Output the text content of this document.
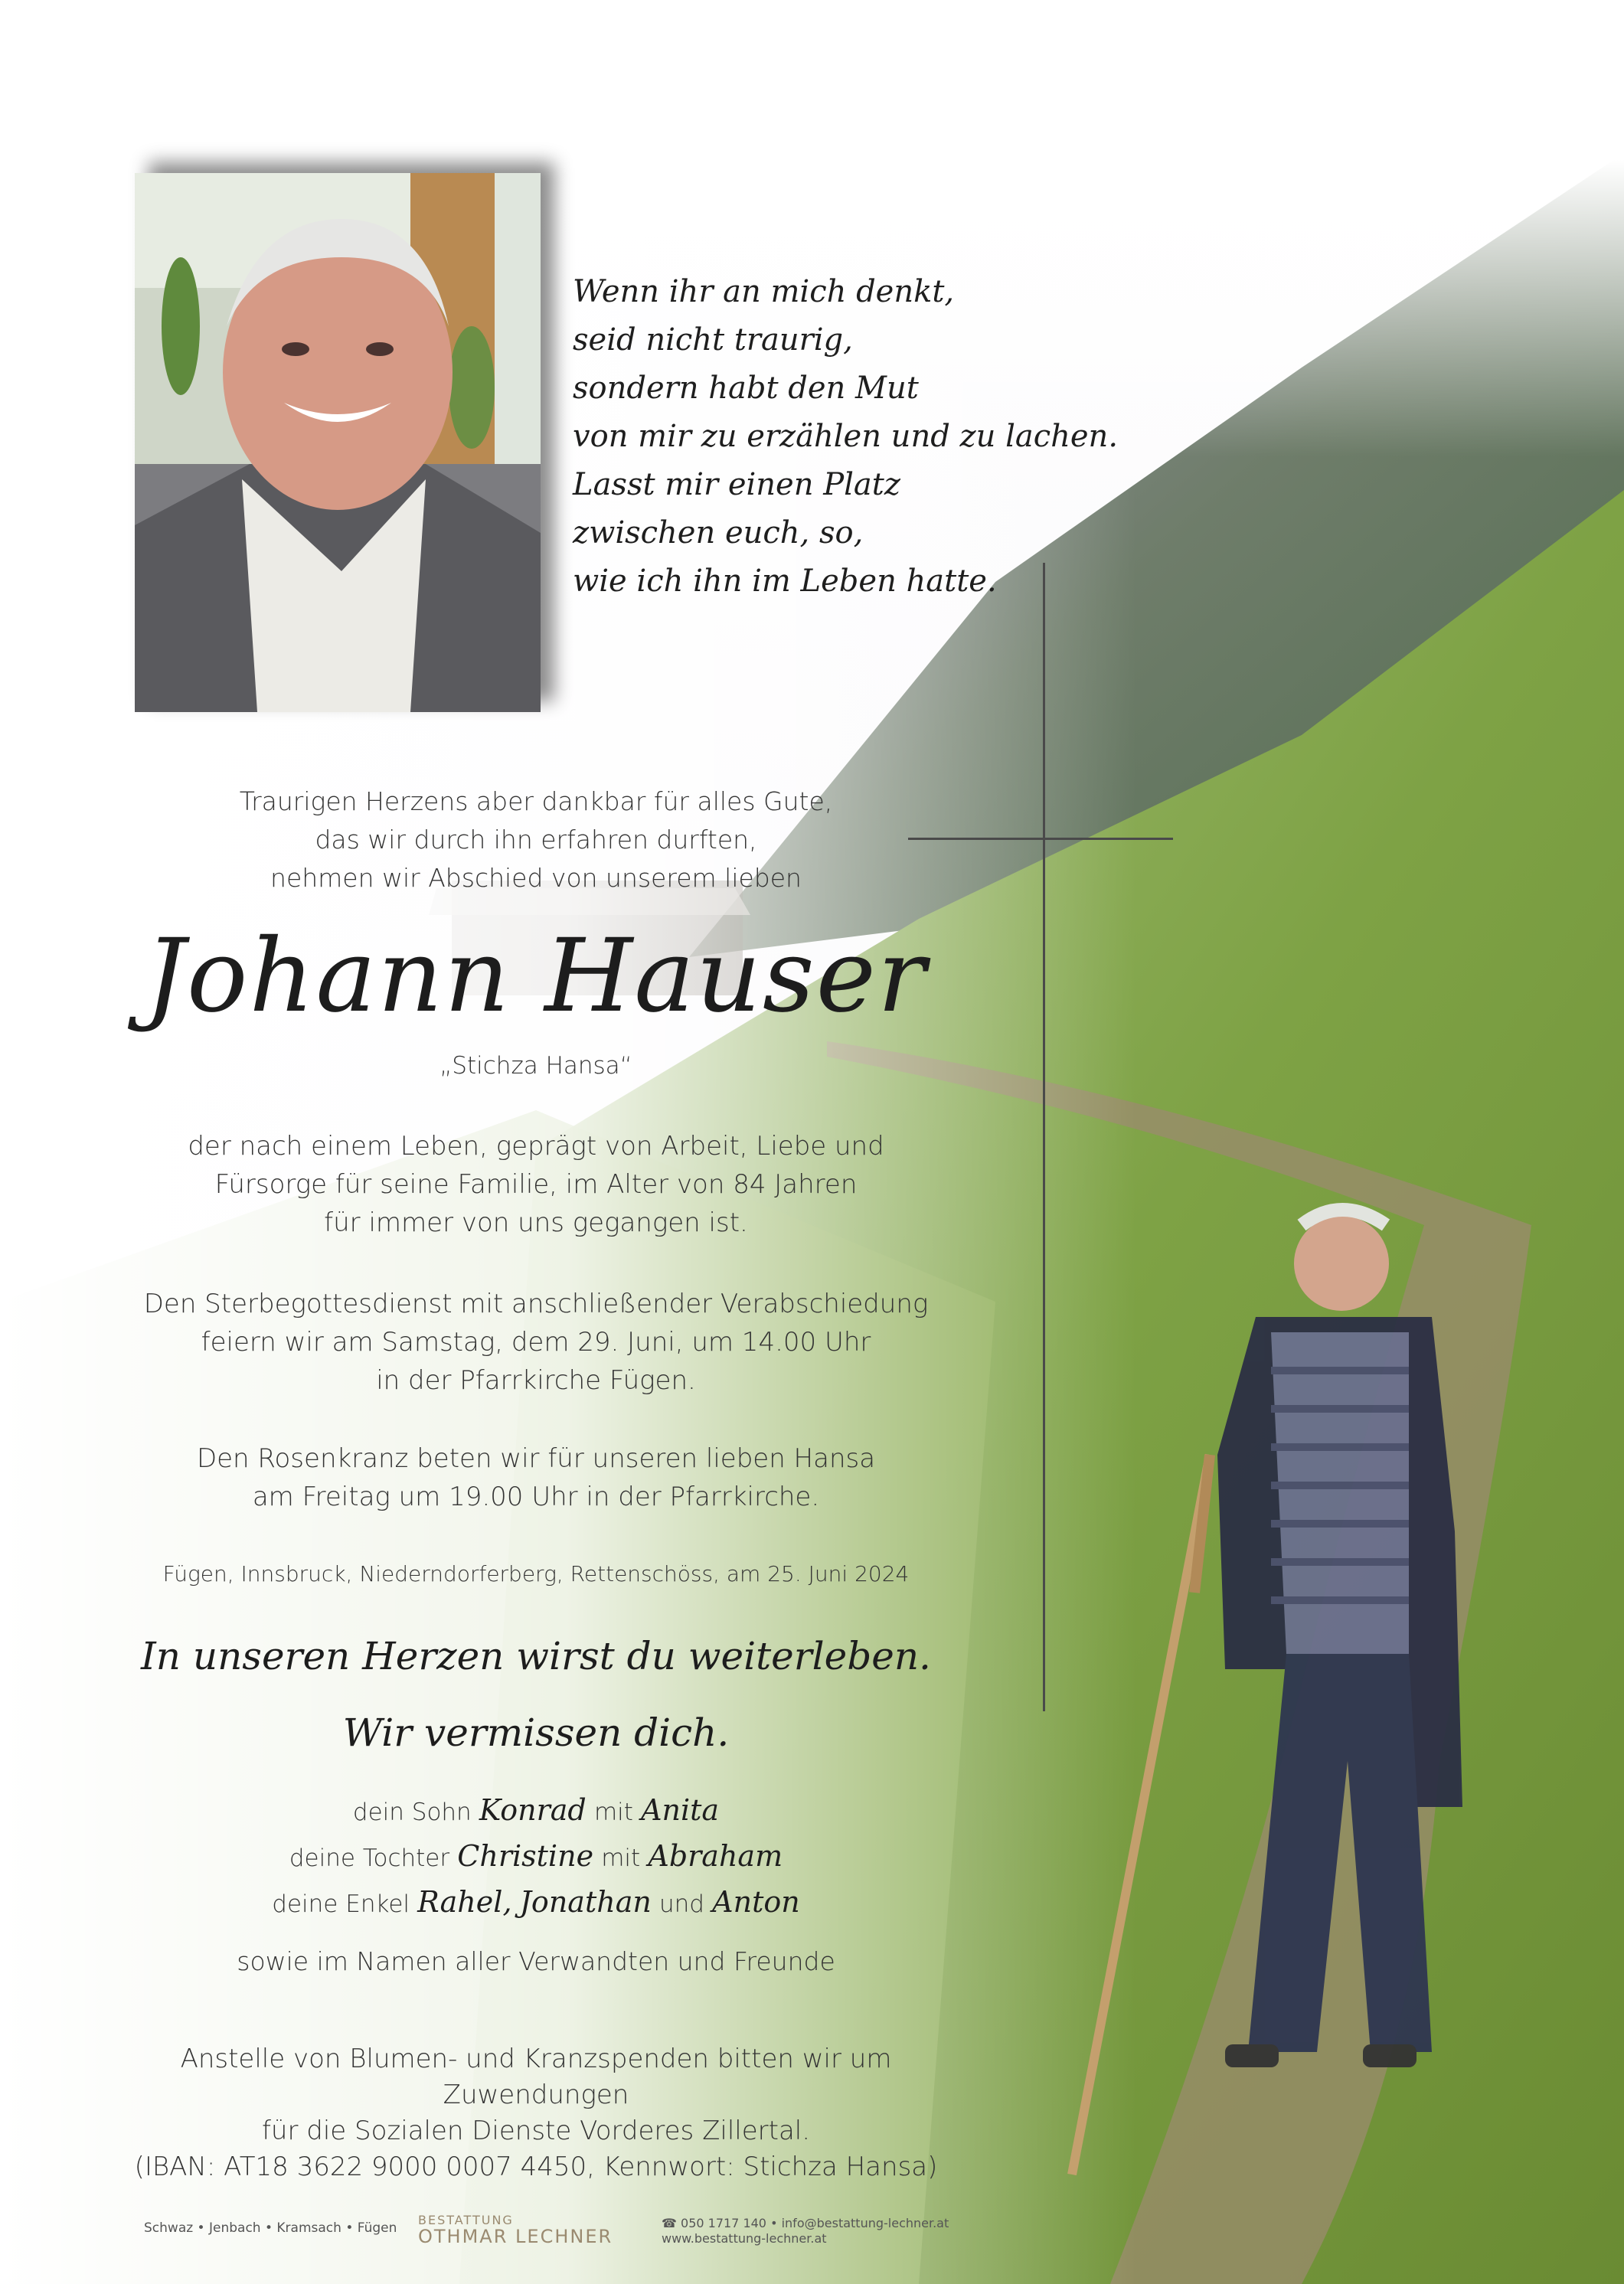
Wenn ihr an mich denkt,
seid nicht traurig,
sondern habt den Mut
von mir zu erzählen und zu lachen.
Lasst mir einen Platz
zwischen euch, so,
wie ich ihn im Leben hatte.
Traurigen Herzens aber dankbar für alles Gute,
das wir durch ihn erfahren durften,
nehmen wir Abschied von unserem lieben
Johann Hauser
„Stichza Hansa“
der nach einem Leben, geprägt von Arbeit, Liebe und
Fürsorge für seine Familie, im Alter von 84 Jahren
für immer von uns gegangen ist.
Den Sterbegottesdienst mit anschließender Verabschiedung
feiern wir am Samstag, dem 29. Juni, um 14.00 Uhr
in der Pfarrkirche Fügen.
Den Rosenkranz beten wir für unseren lieben Hansa
am Freitag um 19.00 Uhr in der Pfarrkirche.
Fügen, Innsbruck, Niederndorferberg, Rettenschöss, am 25. Juni 2024
In unseren Herzen wirst du weiterleben.
Wir vermissen dich.
dein Sohn Konrad mit Anita
deine Tochter Christine mit Abraham
deine Enkel Rahel, Jonathan und Anton
sowie im Namen aller Verwandten und Freunde
Anstelle von Blumen- und Kranzspenden bitten wir um Zuwendungen
für die Sozialen Dienste Vorderes Zillertal.
(IBAN: AT18 3622 9000 0007 4450, Kennwort: Stichza Hansa)
Schwaz • Jenbach • Kramsach • Fügen
BESTATTUNG
OTHMAR LECHNER
☎ 050 1717 140 • info@bestattung-lechner.at
www.bestattung-lechner.at
